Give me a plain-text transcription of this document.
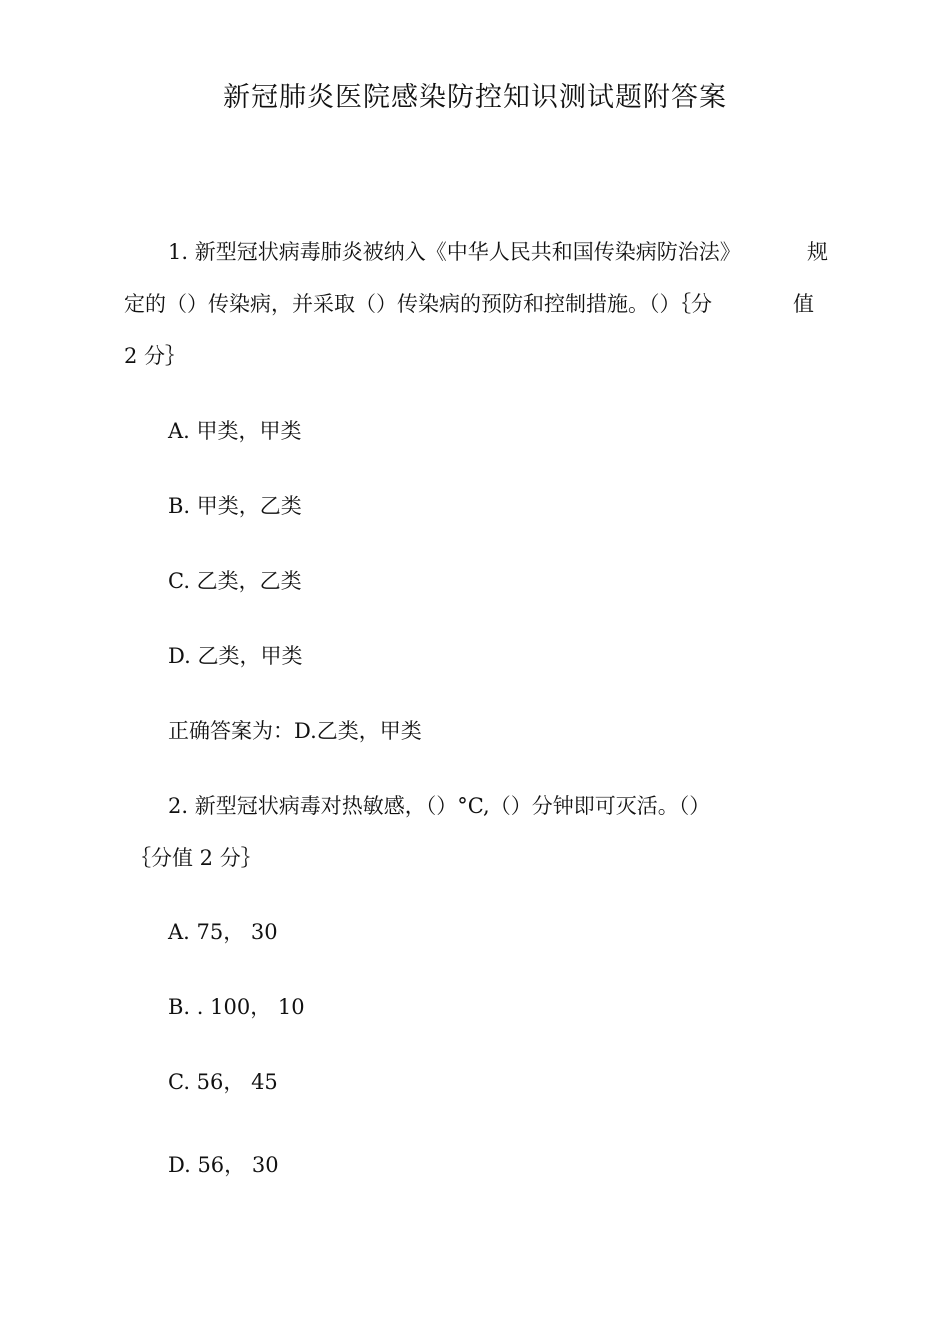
新冠肺炎医院感染防控知识测试题附答案
1. 新型冠状病毒肺炎被纳入《中华人民共和国传染病防治法》	规
定的（）传染病，并采取（）传染病的预防和控制措施。（）｛分	值
2 分｝
A. 甲类，甲类
B. 甲类，乙类
C. 乙类，乙类
D. 乙类，甲类
正确答案为：D.乙类，甲类
2. 新型冠状病毒对热敏感，（）°C,（）分钟即可灭活。（）
｛分值 2 分｝
A. 75， 30
B. . 100， 10
C. 56， 45
D. 56， 30
